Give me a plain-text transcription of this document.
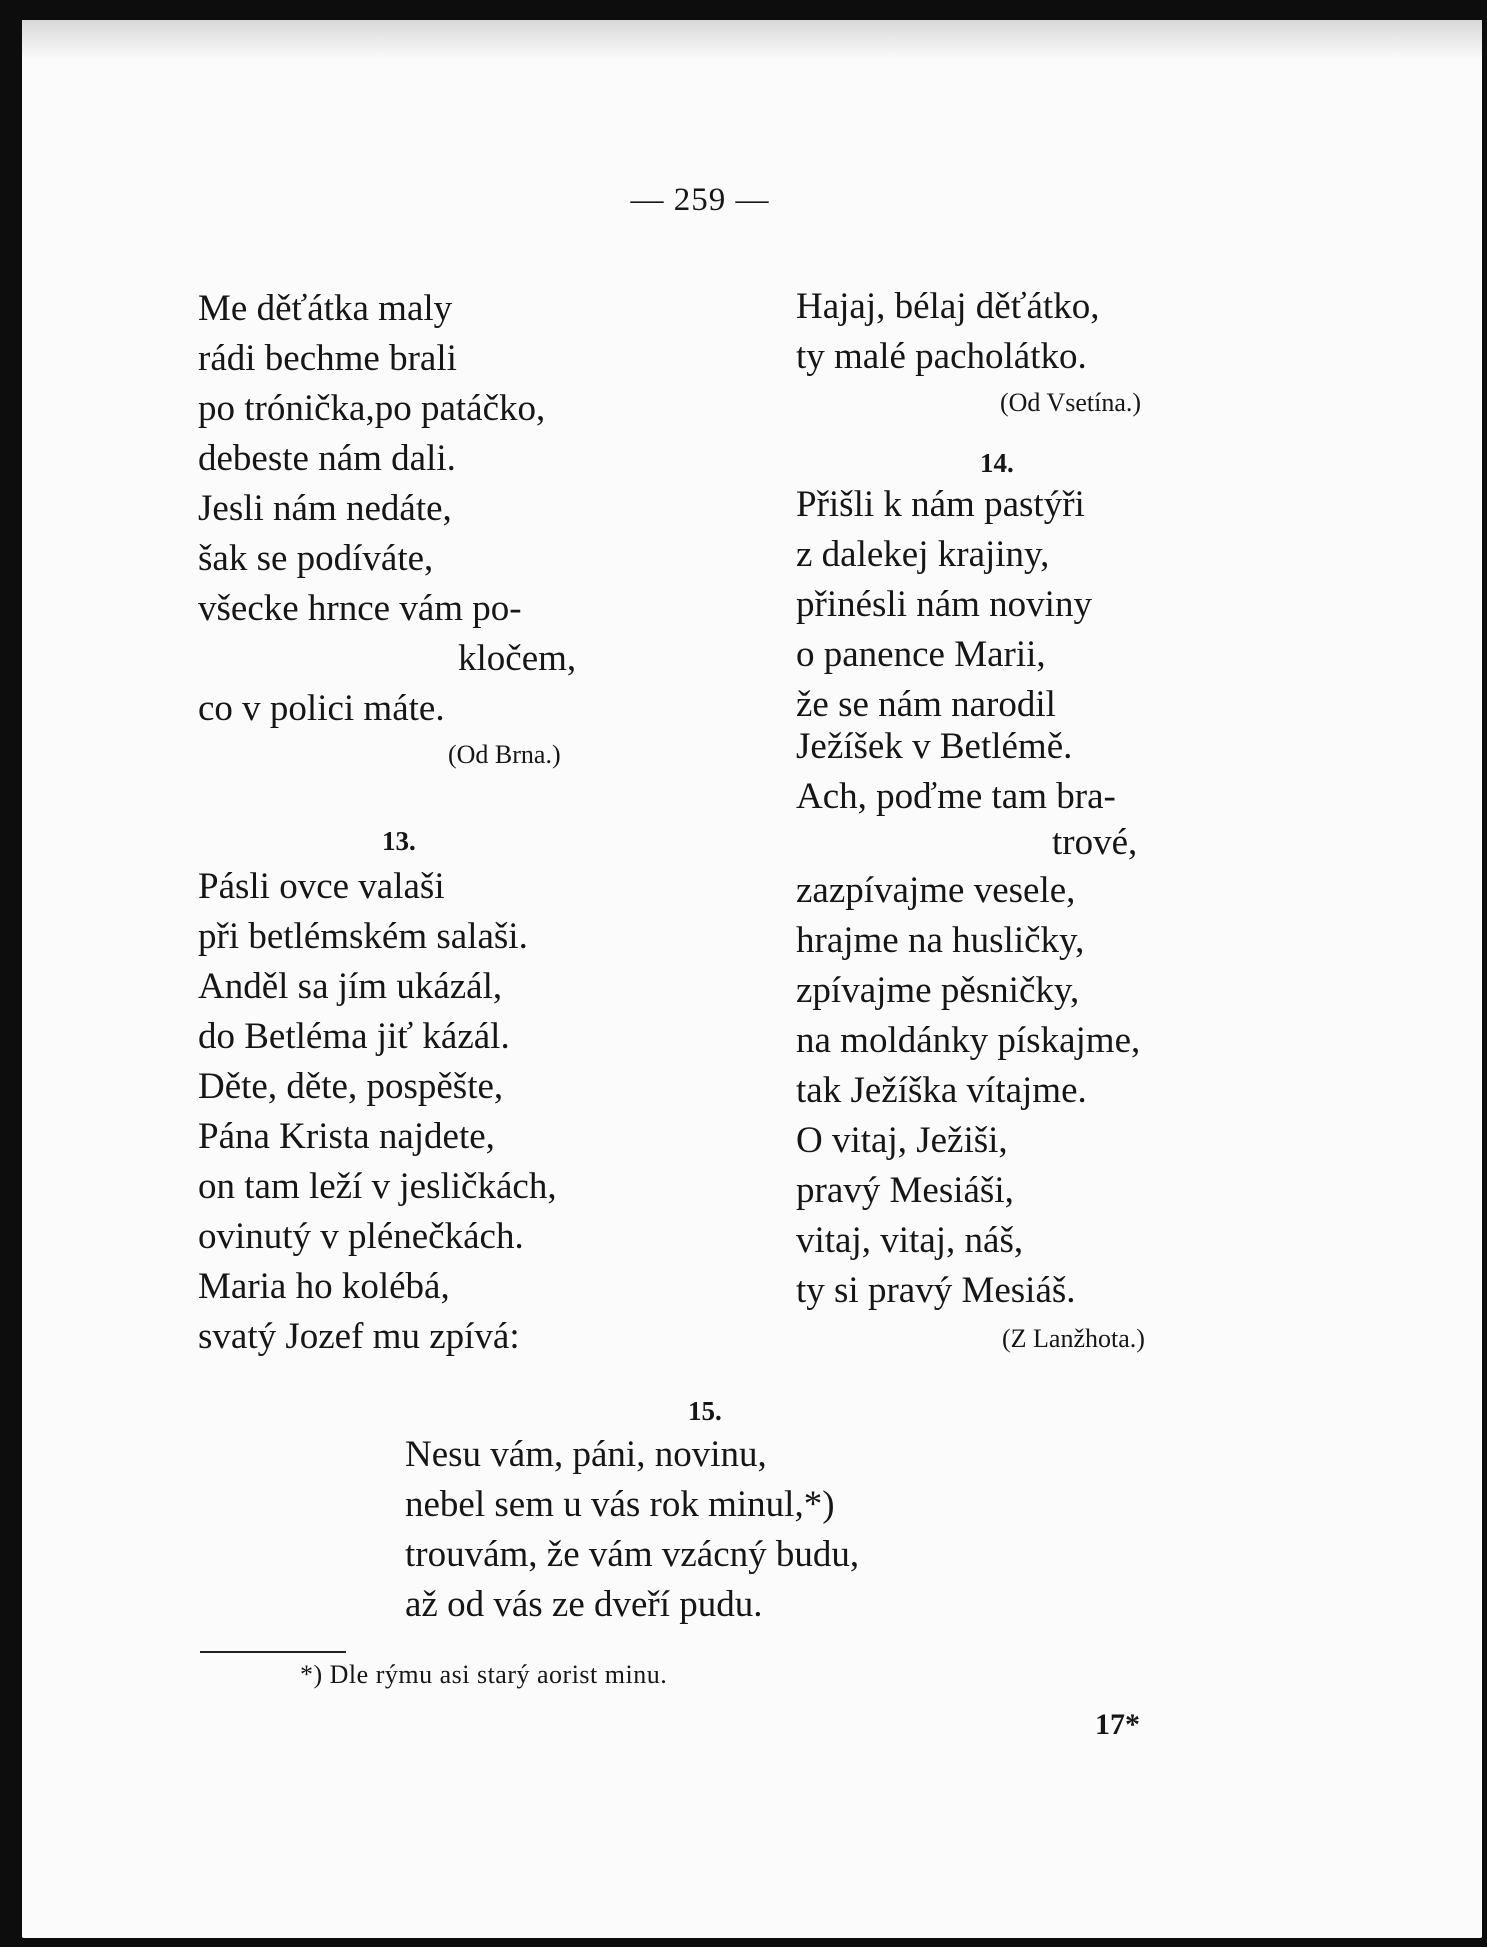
— 259 —
Me děťátka maly
rádi bechme brali
po trónička,po patáčko,
debeste nám dali.
Jesli nám nedáte,
šak se podíváte,
všecke hrnce vám po-
kločem,
co v polici máte.
(Od Brna.)
13.
Pásli ovce valaši
při betlémském salaši.
Anděl sa jím ukázál,
do Betléma jiť kázál.
Děte, děte, pospěšte,
Pána Krista najdete,
on tam leží v jesličkách,
ovinutý v plénečkách.
Maria ho kolébá,
svatý Jozef mu zpívá:
Hajaj, bélaj děťátko,
ty malé pacholátko.
(Od Vsetína.)
14.
Přišli k nám pastýři
z dalekej krajiny,
přinésli nám noviny
o panence Marii,
že se nám narodil
Ježíšek v Betlémě.
Ach, poďme tam bra-
trové,
zazpívajme vesele,
hrajme na husličky,
zpívajme pěsničky,
na moldánky pískajme,
tak Ježíška vítajme.
O vitaj, Ježiši,
pravý Mesiáši,
vitaj, vitaj, náš,
ty si pravý Mesiáš.
(Z Lanžhota.)
15.
Nesu vám, páni, novinu,
nebel sem u vás rok minul,*)
trouvám, že vám vzácný budu,
až od vás ze dveří pudu.
*) Dle rýmu asi starý aorist minu.
17*
